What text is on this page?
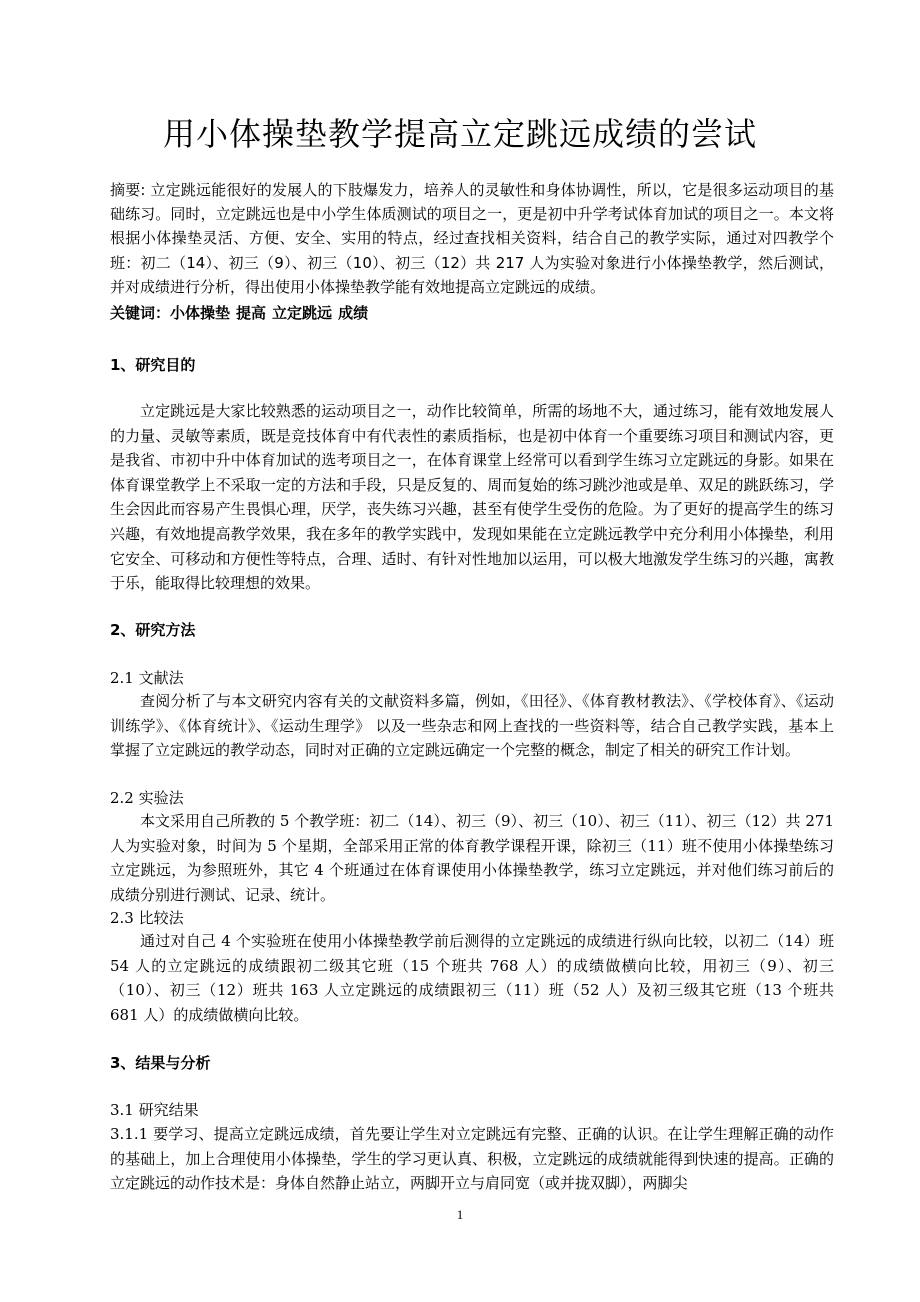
用小体操垫教学提高立定跳远成绩的尝试

摘要: 立定跳远能很好的发展人的下肢爆发力，培养人的灵敏性和身体协调性，所以，它是很多运动项目的基础练习。同时，立定跳远也是中小学生体质测试的项目之一，更是初中升学考试体育加试的项目之一。本文将根据小体操垫灵活、方便、安全、实用的特点，经过查找相关资料，结合自己的教学实际，通过对四教学个班：初二（14）、初三（9）、初三（10）、初三（12）共 217 人为实验对象进行小体操垫教学，然后测试，并对成绩进行分析，得出使用小体操垫教学能有效地提高立定跳远的成绩。

关键词：小体操垫 提高 立定跳远 成绩

1、研究目的

立定跳远是大家比较熟悉的运动项目之一，动作比较简单，所需的场地不大，通过练习，能有效地发展人的力量、灵敏等素质，既是竞技体育中有代表性的素质指标，也是初中体育一个重要练习项目和测试内容，更是我省、市初中升中体育加试的选考项目之一，在体育课堂上经常可以看到学生练习立定跳远的身影。如果在体育课堂教学上不采取一定的方法和手段，只是反复的、周而复始的练习跳沙池或是单、双足的跳跃练习，学生会因此而容易产生畏惧心理，厌学，丧失练习兴趣，甚至有使学生受伤的危险。为了更好的提高学生的练习兴趣，有效地提高教学效果，我在多年的教学实践中，发现如果能在立定跳远教学中充分利用小体操垫，利用它安全、可移动和方便性等特点，合理、适时、有针对性地加以运用，可以极大地激发学生练习的兴趣，寓教于乐，能取得比较理想的效果。

2、研究方法

2.1 文献法

查阅分析了与本文研究内容有关的文献资料多篇，例如，《田径》、《体育教材教法》、《学校体育》、《运动训练学》、《体育统计》、《运动生理学》 以及一些杂志和网上查找的一些资料等，结合自己教学实践，基本上掌握了立定跳远的教学动态，同时对正确的立定跳远确定一个完整的概念，制定了相关的研究工作计划。

2.2 实验法

本文采用自己所教的 5 个教学班：初二（14）、初三（9）、初三（10）、初三（11）、初三（12）共 271 人为实验对象，时间为 5 个星期，全部采用正常的体育教学课程开课，除初三（11）班不使用小体操垫练习立定跳远，为参照班外，其它 4 个班通过在体育课使用小体操垫教学，练习立定跳远，并对他们练习前后的成绩分别进行测试、记录、统计。

2.3 比较法

通过对自己 4 个实验班在使用小体操垫教学前后测得的立定跳远的成绩进行纵向比较，以初二（14）班 54 人的立定跳远的成绩跟初二级其它班（15 个班共 768 人）的成绩做横向比较，用初三（9）、初三（10）、初三（12）班共 163 人立定跳远的成绩跟初三（11）班（52 人）及初三级其它班（13 个班共 681 人）的成绩做横向比较。

3、结果与分析

3.1 研究结果

3.1.1 要学习、提高立定跳远成绩，首先要让学生对立定跳远有完整、正确的认识。在让学生理解正确的动作的基础上，加上合理使用小体操垫，学生的学习更认真、积极，立定跳远的成绩就能得到快速的提高。正确的立定跳远的动作技术是：身体自然静止站立，两脚开立与肩同宽（或并拢双脚），两脚尖

1
